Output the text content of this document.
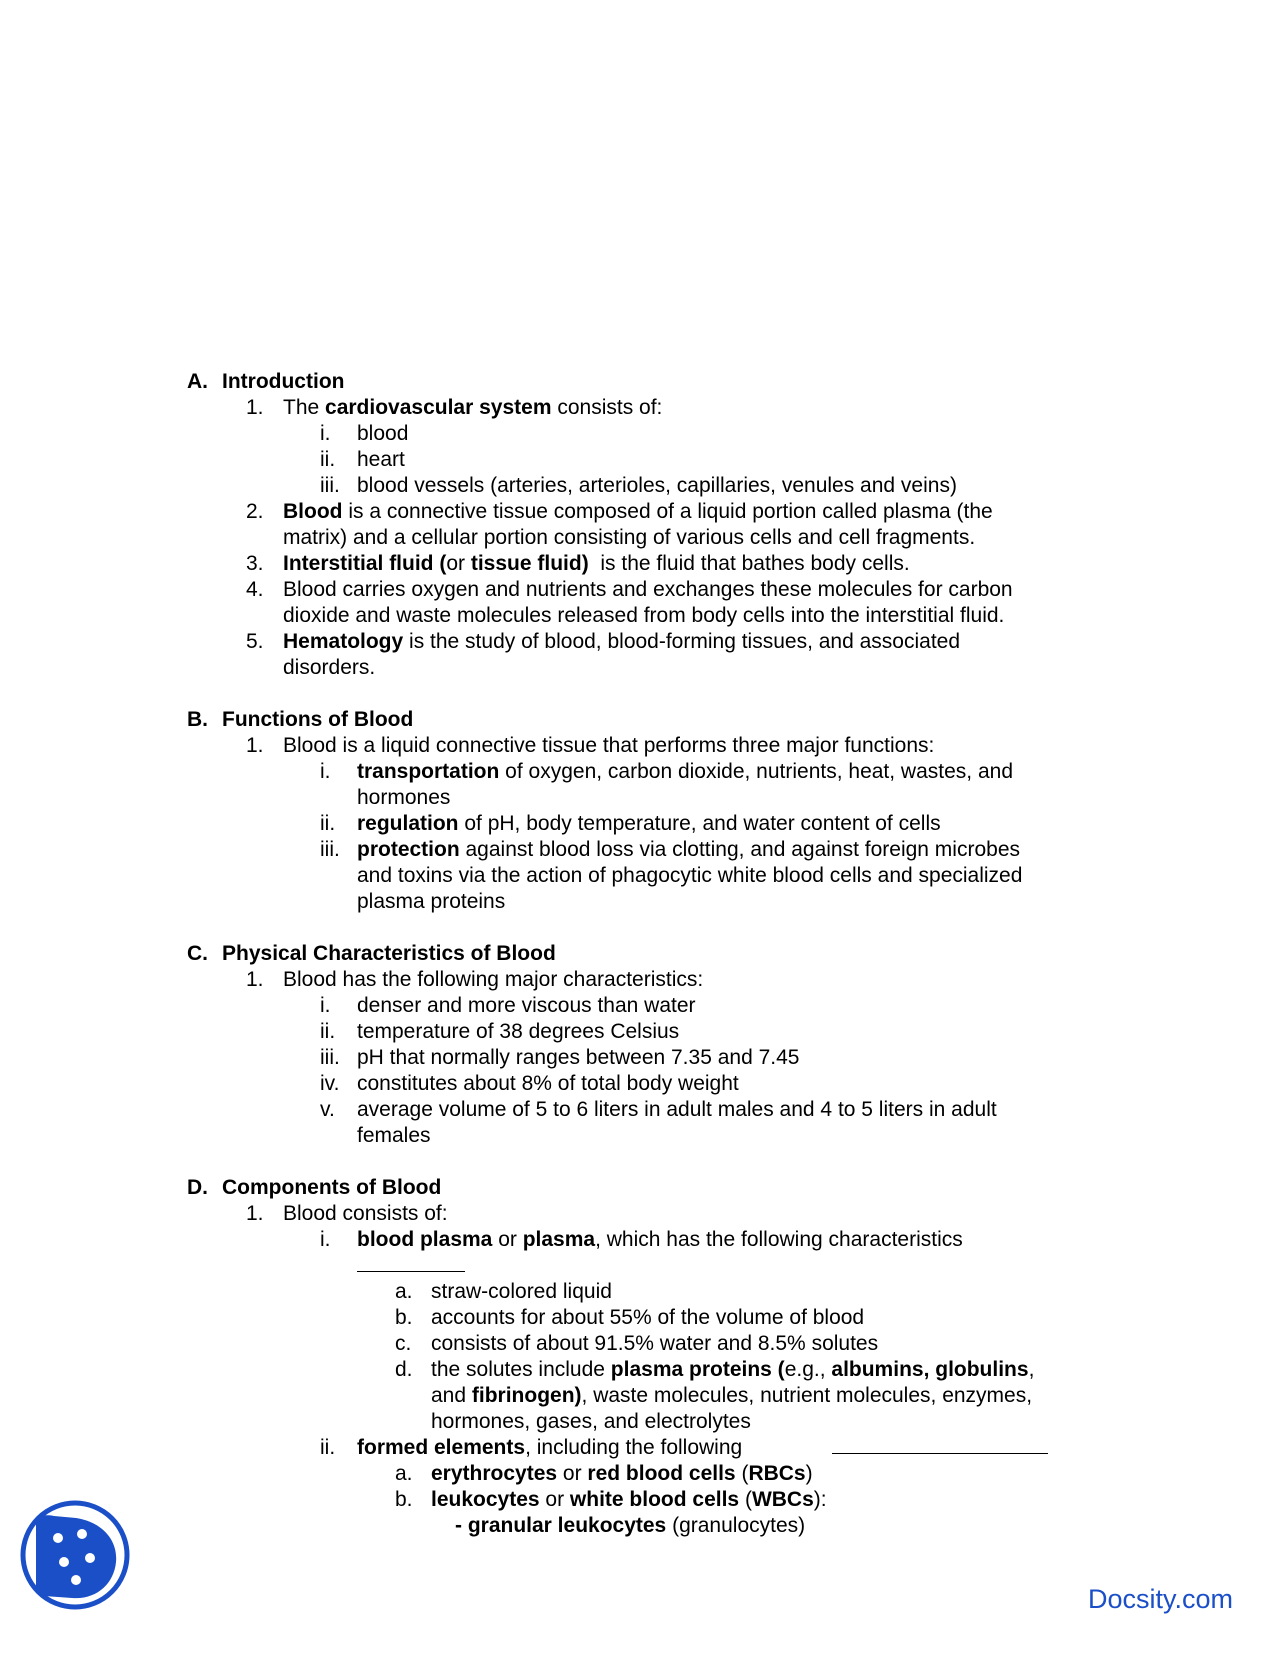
A. Introduction
1. The cardiovascular system consists of:
i. blood
ii. heart
iii. blood vessels (arteries, arterioles, capillaries, venules and veins)
2. Blood is a connective tissue composed of a liquid portion called plasma (the
matrix) and a cellular portion consisting of various cells and cell fragments.
3. Interstitial fluid (or tissue fluid)  is the fluid that bathes body cells.
4. Blood carries oxygen and nutrients and exchanges these molecules for carbon
dioxide and waste molecules released from body cells into the interstitial fluid.
5. Hematology is the study of blood, blood-forming tissues, and associated
disorders.
B. Functions of Blood
1. Blood is a liquid connective tissue that performs three major functions:
i. transportation of oxygen, carbon dioxide, nutrients, heat, wastes, and
hormones
ii. regulation of pH, body temperature, and water content of cells
iii. protection against blood loss via clotting, and against foreign microbes
and toxins via the action of phagocytic white blood cells and specialized
plasma proteins
C. Physical Characteristics of Blood
1. Blood has the following major characteristics:
i. denser and more viscous than water
ii. temperature of 38 degrees Celsius
iii. pH that normally ranges between 7.35 and 7.45
iv. constitutes about 8% of total body weight
v. average volume of 5 to 6 liters in adult males and 4 to 5 liters in adult
females
D. Components of Blood
1. Blood consists of:
i. blood plasma or plasma, which has the following characteristics
a. straw-colored liquid
b. accounts for about 55% of the volume of blood
c. consists of about 91.5% water and 8.5% solutes
d. the solutes include plasma proteins (e.g., albumins, globulins,
and fibrinogen), waste molecules, nutrient molecules, enzymes,
hormones, gases, and electrolytes
ii. formed elements, including the following
a. erythrocytes or red blood cells (RBCs)
b. leukocytes or white blood cells (WBCs):
- granular leukocytes (granulocytes)
Docsity.com
